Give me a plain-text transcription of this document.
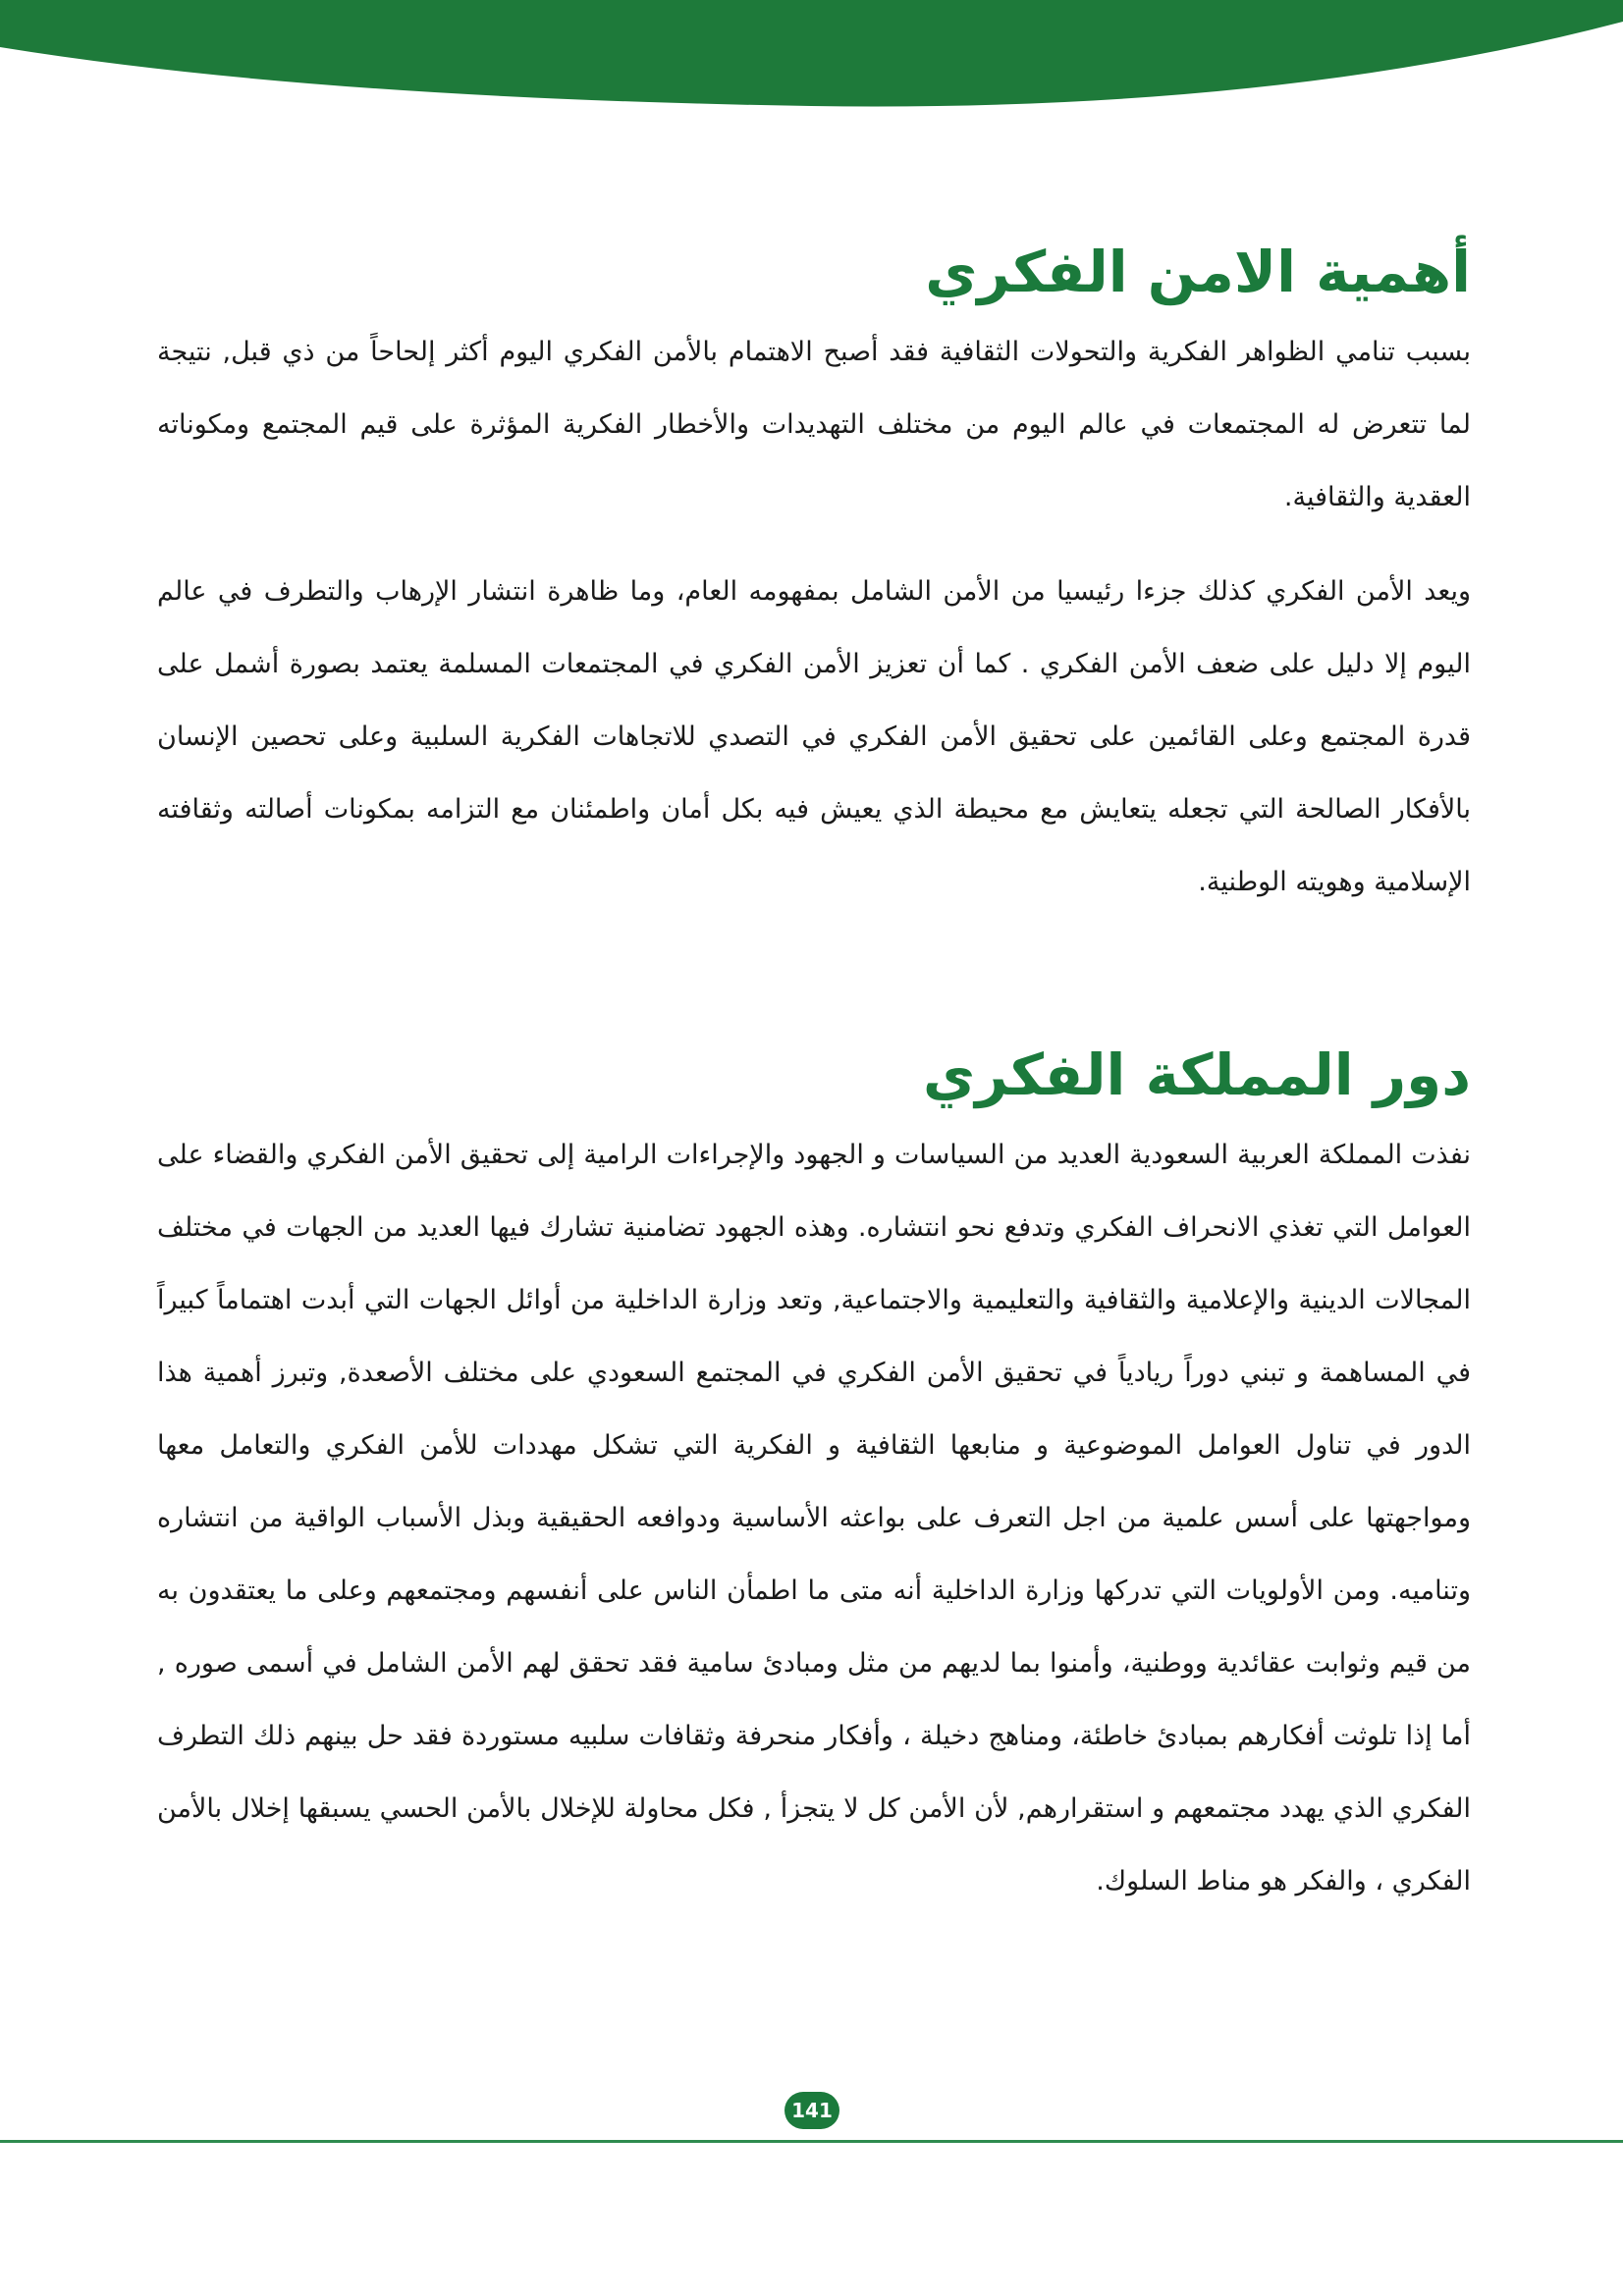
أهمية الامن الفكري

بسبب تنامي الظواهر الفكرية والتحولات الثقافية فقد أصبح الاهتمام بالأمن الفكري اليوم أكثر إلحاحاً من ذي قبل, نتيجة لما تتعرض له المجتمعات في عالم اليوم من مختلف التهديدات والأخطار الفكرية المؤثرة على قيم المجتمع ومكوناته العقدية والثقافية.

ويعد الأمن الفكري كذلك جزءا رئيسيا من الأمن الشامل بمفهومه العام، وما ظاهرة انتشار الإرهاب والتطرف في عالم اليوم إلا دليل على ضعف الأمن الفكري . كما أن تعزيز الأمن الفكري في المجتمعات المسلمة يعتمد بصورة أشمل على قدرة المجتمع وعلى القائمين على تحقيق الأمن الفكري في التصدي للاتجاهات الفكرية السلبية وعلى تحصين الإنسان بالأفكار الصالحة التي تجعله يتعايش مع محيطة الذي يعيش فيه بكل أمان واطمئنان مع التزامه بمكونات أصالته وثقافته الإسلامية وهويته الوطنية.

دور المملكة الفكري

نفذت المملكة العربية السعودية العديد من السياسات و الجهود والإجراءات الرامية إلى تحقيق الأمن الفكري والقضاء على العوامل التي تغذي الانحراف الفكري وتدفع نحو انتشاره. وهذه الجهود تضامنية تشارك فيها العديد من الجهات في مختلف المجالات الدينية والإعلامية والثقافية والتعليمية والاجتماعية, وتعد وزارة الداخلية من أوائل الجهات التي أبدت اهتماماً كبيراً في المساهمة و تبني دوراً ريادياً في تحقيق الأمن الفكري في المجتمع السعودي على مختلف الأصعدة, وتبرز أهمية هذا الدور في تناول العوامل الموضوعية و منابعها الثقافية و الفكرية التي تشكل مهددات للأمن الفكري والتعامل معها ومواجهتها على أسس علمية من اجل التعرف على بواعثه الأساسية ودوافعه الحقيقية وبذل الأسباب الواقية من انتشاره وتناميه. ومن الأولويات التي تدركها وزارة الداخلية أنه متى ما اطمأن الناس على أنفسهم ومجتمعهم وعلى ما يعتقدون به من قيم وثوابت عقائدية ووطنية، وأمنوا بما لديهم من مثل ومبادئ سامية فقد تحقق لهم الأمن الشامل في أسمى صوره , أما إذا تلوثت أفكارهم بمبادئ خاطئة، ومناهج دخيلة ، وأفكار منحرفة وثقافات سلبيه مستوردة فقد حل بينهم ذلك التطرف الفكري الذي يهدد مجتمعهم و استقرارهم, لأن الأمن كل لا يتجزأ , فكل محاولة للإخلال بالأمن الحسي يسبقها إخلال بالأمن الفكري ، والفكر هو مناط السلوك.

141
